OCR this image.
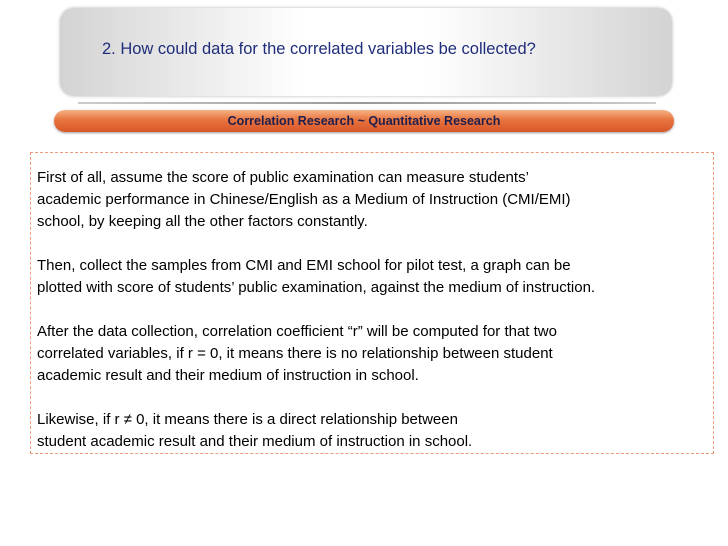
2. How could data for the correlated variables be collected?
Correlation Research ~ Quantitative Research
First of all, assume the score of public examination can measure students’
academic performance in Chinese/English as a Medium of Instruction (CMI/EMI)
school, by keeping all the other factors constantly.
Then, collect the samples from CMI and EMI school for pilot test, a graph can be
plotted with score of students’ public examination, against the medium of instruction.
After the data collection, correlation coefficient “r” will be computed for that two
correlated variables, if r = 0, it means there is no relationship between student
academic result and their medium of instruction in school.
Likewise, if r ≠ 0, it means there is a direct relationship between
student academic result and their medium of instruction in school.
